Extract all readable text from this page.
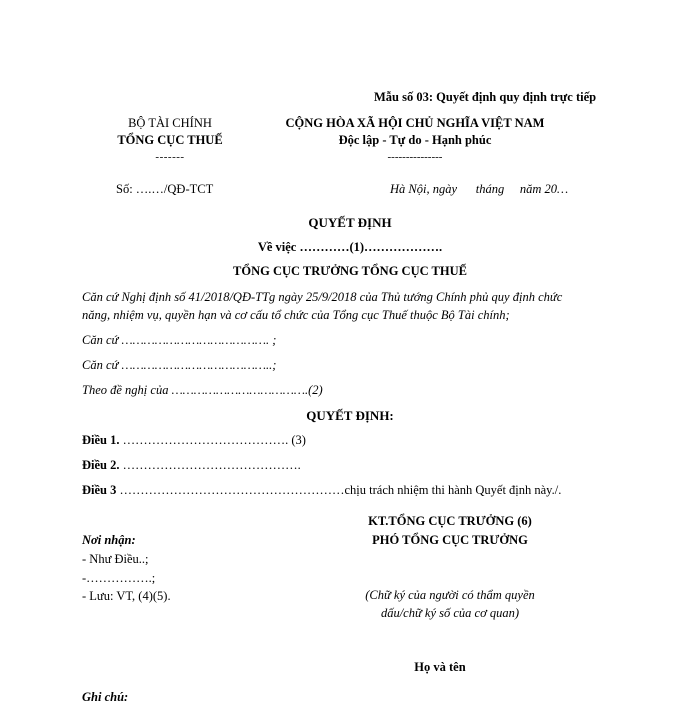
Mẫu số 03: Quyết định quy định trực tiếp
BỘ TÀI CHÍNH
TỔNG CỤC THUẾ
-------
Số: ….…/QĐ-TCT
CỘNG HÒA XÃ HỘI CHỦ NGHĨA VIỆT NAM
Độc lập - Tự do - Hạnh phúc
---------------
Hà Nội, ngày      tháng     năm 20…
QUYẾT ĐỊNH
Về việc …………(1)……………….
TỔNG CỤC TRƯỞNG TỔNG CỤC THUẾ
Căn cứ Nghị định số 41/2018/QĐ-TTg ngày 25/9/2018 của Thủ tướng Chính phủ quy định chức
năng, nhiệm vụ, quyền hạn và cơ cấu tổ chức của Tổng cục Thuế thuộc Bộ Tài chính;
Căn cứ …………………………………. ;
Căn cứ …………………………………..;
Theo đề nghị của ……………………………….(2)
QUYẾT ĐỊNH:
Điều 1. …………………………………. (3)
Điều 2. …………………………………….
Điều 3 ………………………………………………chịu trách nhiệm thi hành Quyết định này./.
Nơi nhận:
- Như Điều..;
-…………….;
- Lưu: VT, (4)(5).
KT.TỔNG CỤC TRƯỞNG (6)
PHÓ TỔNG CỤC TRƯỞNG
(Chữ ký của người có thẩm quyền
dấu/chữ ký số của cơ quan)
Họ và tên
Ghi chú:
